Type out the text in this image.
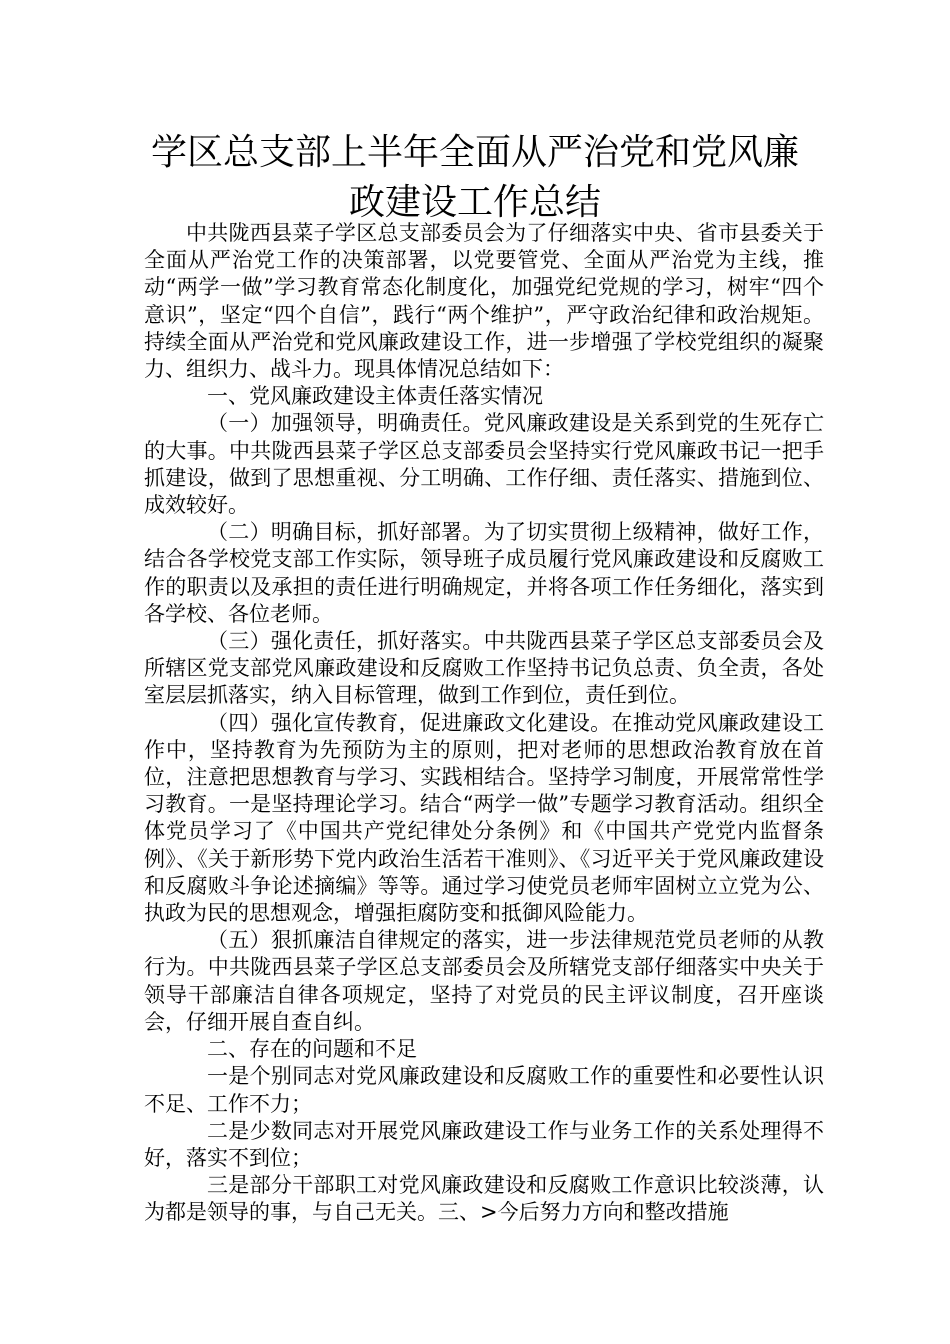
学区总支部上半年全面从严治党和党风廉
政建设工作总结

中共陇西县菜子学区总支部委员会为了仔细落实中央、省市县委关于全面从严治党工作的决策部署，以党要管党、全面从严治党为主线，推动“两学一做”学习教育常态化制度化，加强党纪党规的学习，树牢“四个意识”，坚定“四个自信”，践行“两个维护”，严守政治纪律和政治规矩。持续全面从严治党和党风廉政建设工作，进一步增强了学校党组织的凝聚力、组织力、战斗力。现具体情况总结如下：

一、党风廉政建设主体责任落实情况

（一）加强领导，明确责任。党风廉政建设是关系到党的生死存亡的大事。中共陇西县菜子学区总支部委员会坚持实行党风廉政书记一把手抓建设，做到了思想重视、分工明确、工作仔细、责任落实、措施到位、成效较好。

（二）明确目标，抓好部署。为了切实贯彻上级精神，做好工作，结合各学校党支部工作实际，领导班子成员履行党风廉政建设和反腐败工作的职责以及承担的责任进行明确规定，并将各项工作任务细化，落实到各学校、各位老师。

（三）强化责任，抓好落实。中共陇西县菜子学区总支部委员会及所辖区党支部党风廉政建设和反腐败工作坚持书记负总责、负全责，各处室层层抓落实，纳入目标管理，做到工作到位，责任到位。

（四）强化宣传教育，促进廉政文化建设。在推动党风廉政建设工作中，坚持教育为先预防为主的原则，把对老师的思想政治教育放在首位，注意把思想教育与学习、实践相结合。坚持学习制度，开展常常性学习教育。一是坚持理论学习。结合“两学一做”专题学习教育活动。组织全体党员学习了《中国共产党纪律处分条例》和《中国共产党党内监督条例》、《关于新形势下党内政治生活若干准则》、《习近平关于党风廉政建设和反腐败斗争论述摘编》等等。通过学习使党员老师牢固树立立党为公、执政为民的思想观念，增强拒腐防变和抵御风险能力。

（五）狠抓廉洁自律规定的落实，进一步法律规范党员老师的从教行为。中共陇西县菜子学区总支部委员会及所辖党支部仔细落实中央关于领导干部廉洁自律各项规定，坚持了对党员的民主评议制度，召开座谈会，仔细开展自查自纠。

二、存在的问题和不足

一是个别同志对党风廉政建设和反腐败工作的重要性和必要性认识不足、工作不力；

二是少数同志对开展党风廉政建设工作与业务工作的关系处理得不好，落实不到位；

三是部分干部职工对党风廉政建设和反腐败工作意识比较淡薄，认为都是领导的事，与自己无关。三、>今后努力方向和整改措施
